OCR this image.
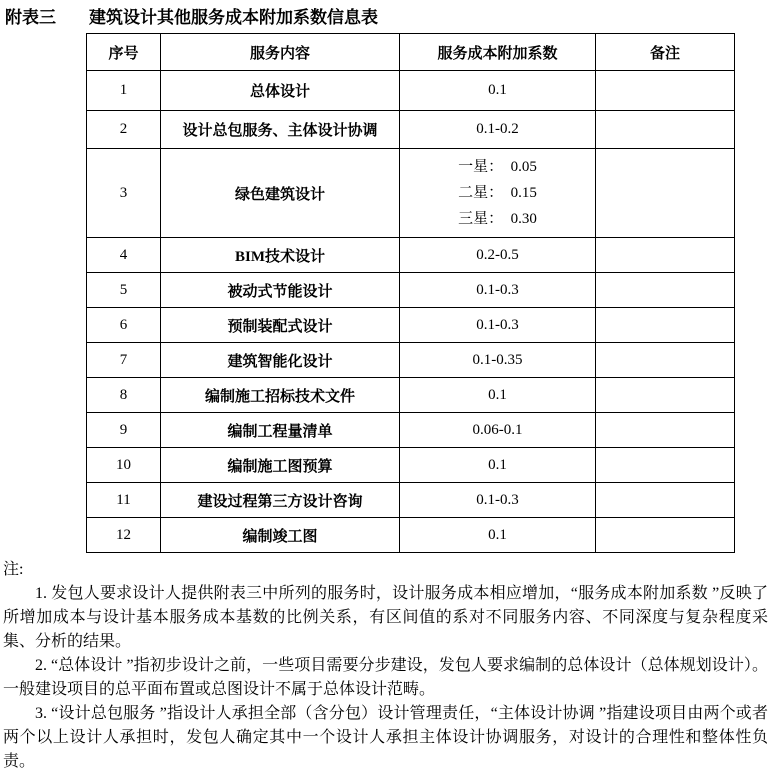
附表三 建筑设计其他服务成本附加系数信息表
序号	服务内容	服务成本附加系数	备注
1	总体设计	0.1	
2	设计总包服务、主体设计协调	0.1-0.2	
3	绿色建筑设计	一星：  0.05
二星：  0.15
三星：  0.30	

4	BIM技术设计	0.2-0.5	
5	被动式节能设计	0.1-0.3	
6	预制装配式设计	0.1-0.3	
7	建筑智能化设计	0.1-0.35	
8	编制施工招标技术文件	0.1	
9	编制工程量清单	0.06-0.1	
10	编制施工图预算	0.1	
11	建设过程第三方设计咨询	0.1-0.3	
12	编制竣工图	0.1	

注:

1. 发包人要求设计人提供附表三中所列的服务时，设计服务成本相应增加，“服务成本附加系数 ”反映了所增加成本与设计基本服务成本基数的比例关系，有区间值的系对不同服务内容、不同深度与复杂程度采集、分析的结果。

2. “总体设计 ”指初步设计之前，一些项目需要分步建设，发包人要求编制的总体设计（总体规划设计）。一般建设项目的总平面布置或总图设计不属于总体设计范畴。

3. “设计总包服务 ”指设计人承担全部（含分包）设计管理责任，“主体设计协调 ”指建设项目由两个或者两个以上设计人承担时，发包人确定其中一个设计人承担主体设计协调服务，对设计的合理性和整体性负责。
